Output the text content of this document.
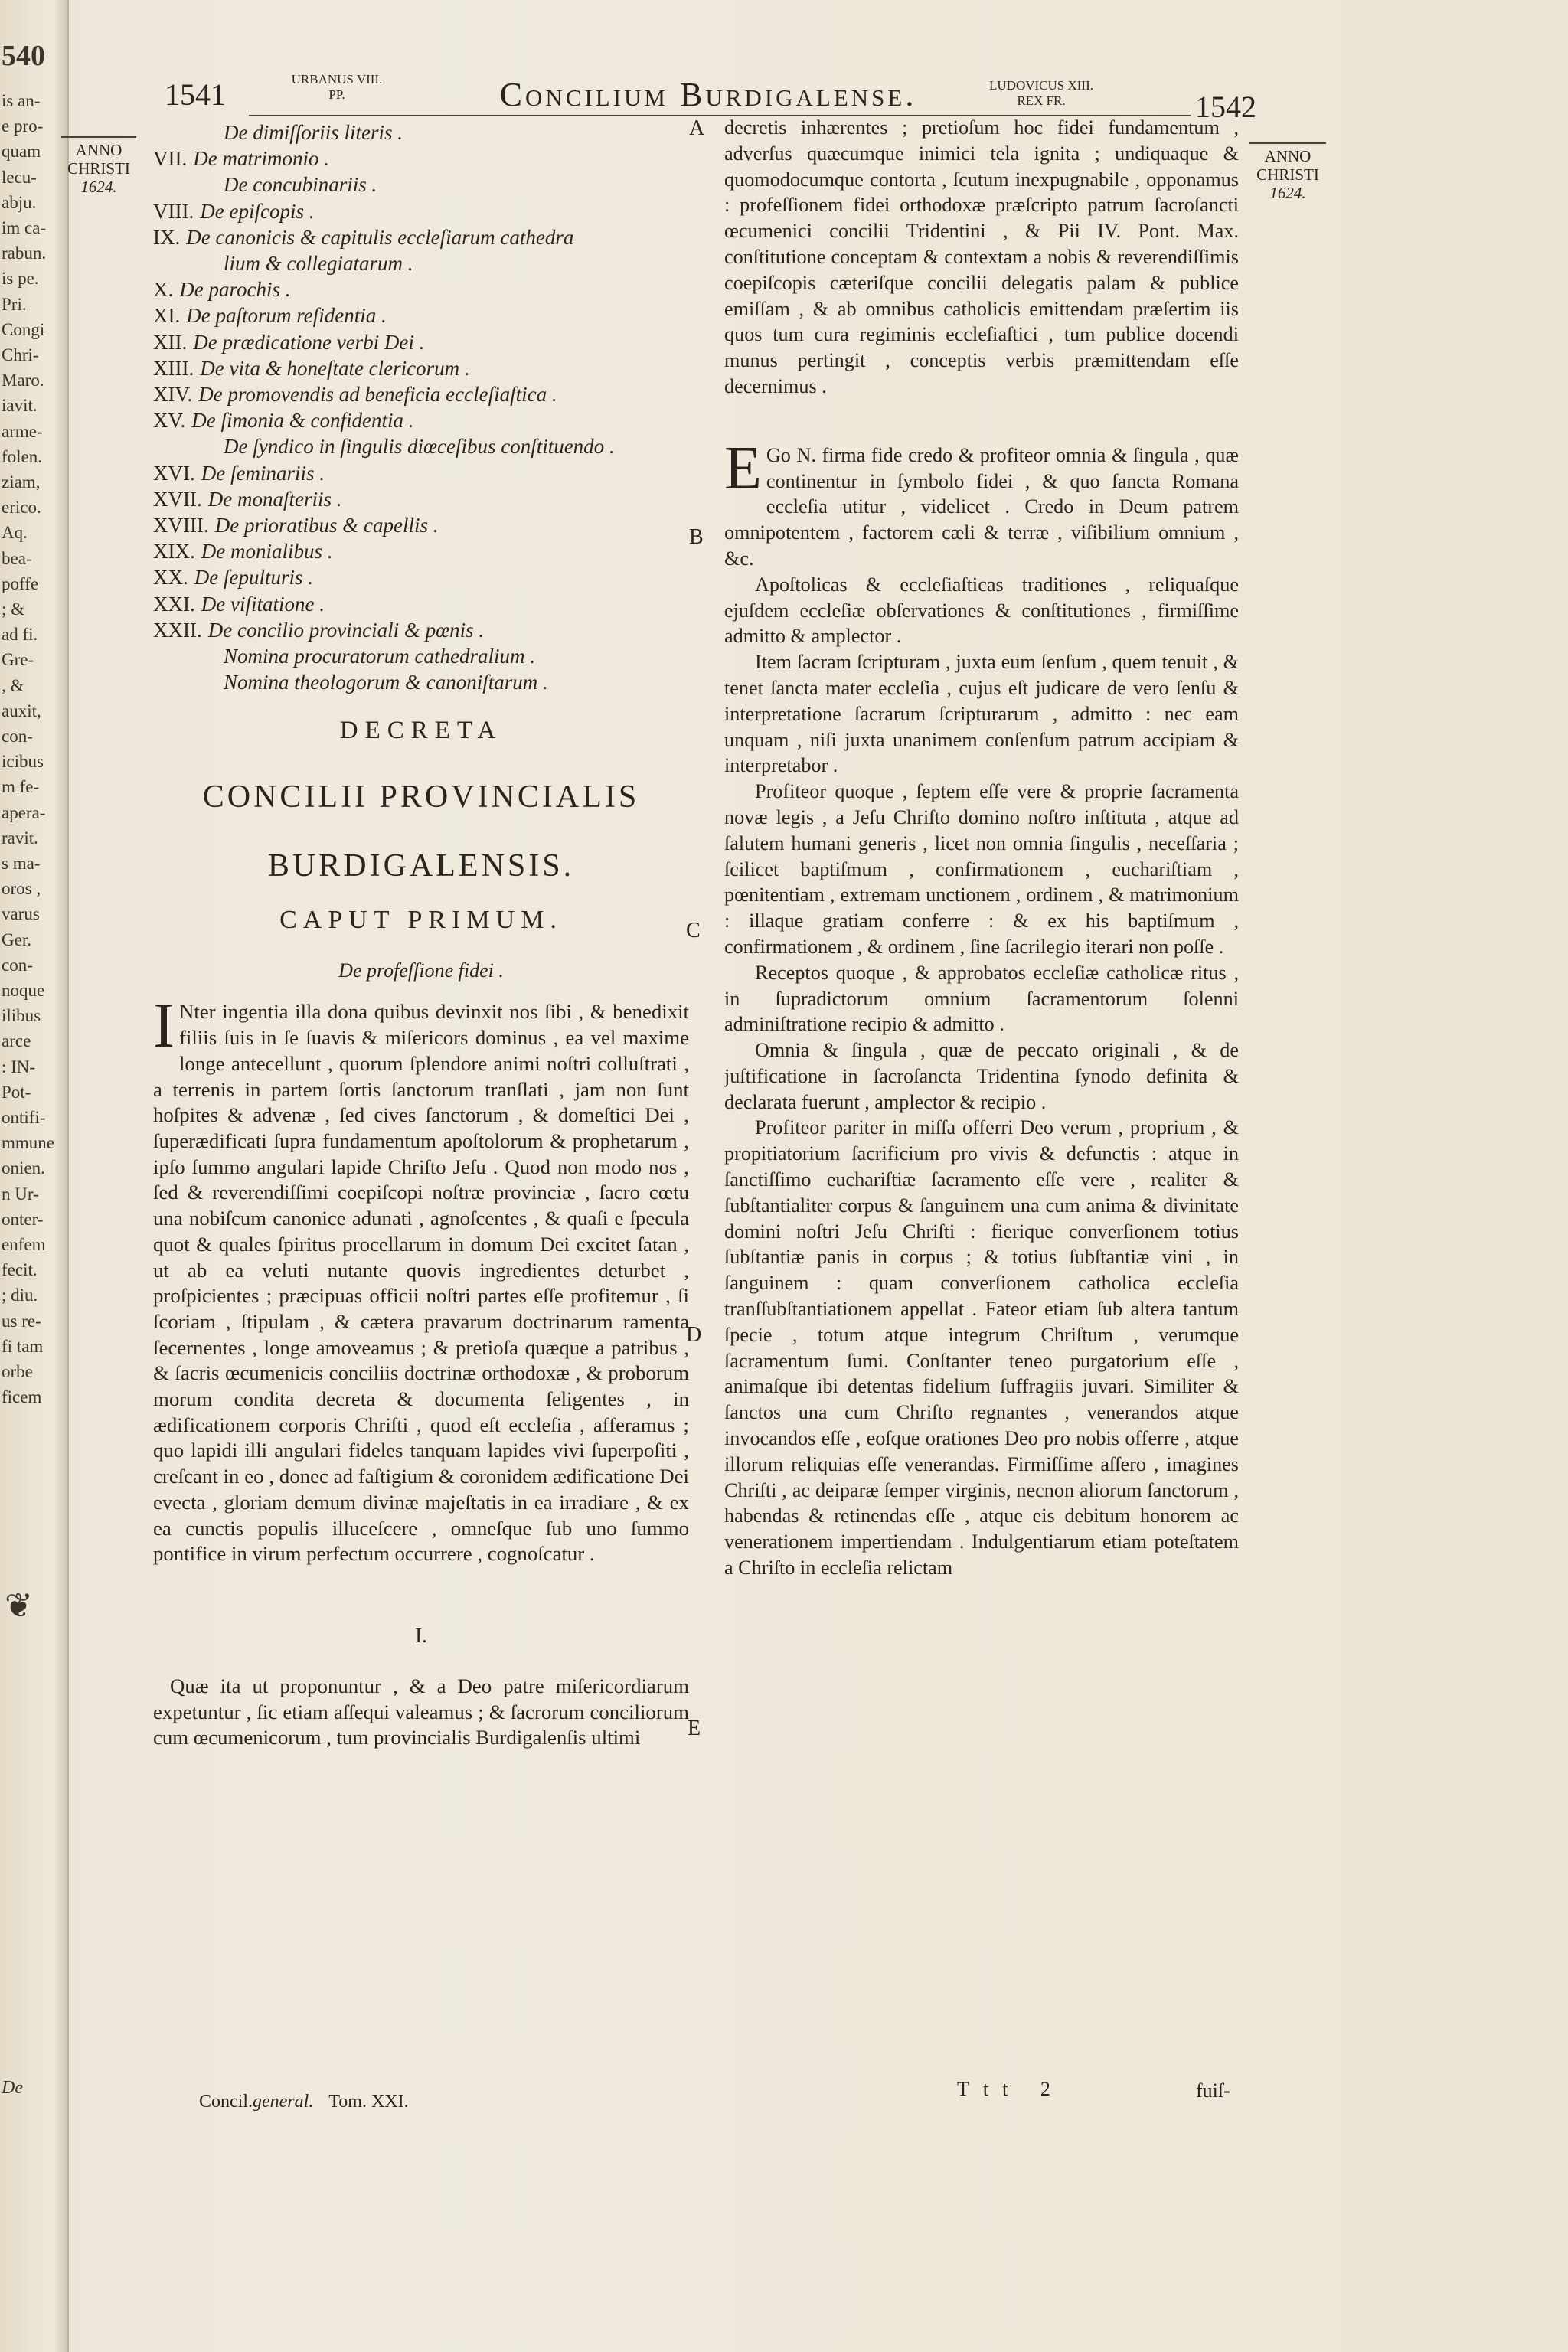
540
is an-
e pro-
quam
lecu-
abju.
im ca-
rabun.
is pe.
Pri.
Congi
Chri-
Maro.
iavit.
arme-
folen.
ziam,
erico.
Aq.
bea-
poffe
; &
ad fi.
Gre-
, &
auxit,
con-
icibus
m fe-
apera-
ravit.
s ma-
oros ,
varus
Ger.
con-
noque
ilibus
arce
: IN-
Pot-
ontifi-
mmune
onien.
n Ur-
onter-
enfem
fecit.
; diu.
us re-
fi tam
orbe
ficem
❦
De
1541	URBANUS VIII.
PP.	Concilium Burdigalense.	LUDOVICUS XIII.
REX FR.	1542
ANNO
CHRISTI
1624.
ANNO
CHRISTI
1624.
De dimiſſoriis literis .
VII. De matrimonio .
De concubinariis .
VIII. De epiſcopis .
IX. De canonicis & capitulis eccleſiarum cathedra
lium & collegiatarum .
X. De parochis .
XI. De paſtorum reſidentia .
XII. De prædicatione verbi Dei .
XIII. De vita & honeſtate clericorum .
XIV. De promovendis ad beneficia eccleſiaſtica .
XV. De ſimonia & confidentia .
De ſyndico in ſingulis diœceſibus conſtituendo .
XVI. De ſeminariis .
XVII. De monaſteriis .
XVIII. De prioratibus & capellis .
XIX. De monialibus .
XX. De ſepulturis .
XXI. De viſitatione .
XXII. De concilio provinciali & pœnis .
Nomina procuratorum cathedralium .
Nomina theologorum & canoniſtarum .
DECRETA
CONCILII PROVINCIALIS
BURDIGALENSIS.
CAPUT PRIMUM.
De profeſſione fidei .
I Nter ingentia illa dona quibus devinxit nos ſibi , & benedixit filiis ſuis in ſe ſuavis & miſericors dominus , ea vel maxime longe antecellunt , quorum ſplendore animi noſtri colluſtrati , a terrenis in partem ſortis ſanctorum tranſlati , jam non ſunt hoſpites & advenæ , ſed cives ſanctorum , & domeſtici Dei , ſuperædificati ſupra fundamentum apoſtolorum & prophetarum , ipſo ſummo angulari lapide Chriſto Jeſu . Quod non modo nos , ſed & reverendiſſimi coepiſcopi noſtræ provinciæ , ſacro cœtu una nobiſcum canonice adunati , agnoſcentes , & quaſi e ſpecula quot & quales ſpiritus procellarum in domum Dei excitet ſatan , ut ab ea veluti nutante quovis ingredientes deturbet , proſpicientes ; præcipuas officii noſtri partes eſſe profitemur , ſi ſcoriam , ſtipulam , & cætera pravarum doctrinarum ramenta ſecernentes , longe amoveamus ; & pretioſa quæque a patribus , & ſacris œcumenicis conciliis doctrinæ orthodoxæ , & proborum morum condita decreta & documenta ſeligentes , in ædificationem corporis Chriſti , quod eſt eccleſia , afferamus ; quo lapidi illi angulari fideles tanquam lapides vivi ſuperpoſiti , creſcant in eo , donec ad faſtigium & coronidem ædificatione Dei evecta , gloriam demum divinæ majeſtatis in ea irradiare , & ex ea cunctis populis illuceſcere , omneſque ſub uno ſummo pontifice in virum perfectum occurrere , cognoſcatur .
I.
Quæ ita ut proponuntur , & a Deo patre miſericordiarum expetuntur , ſic etiam aſſequi valeamus ; & ſacrorum conciliorum cum œcumenicorum , tum provincialis Burdigalenſis ultimi
A
B
C
D
E
decretis inhærentes ; pretioſum hoc fidei fundamentum , adverſus quæcumque inimici tela ignita ; undiquaque & quomodocumque contorta , ſcutum inexpugnabile , opponamus : profeſſionem fidei orthodoxæ præſcripto patrum ſacroſancti œcumenici concilii Tridentini , & Pii IV. Pont. Max. conſtitutione conceptam & contextam a nobis & reverendiſſimis coepiſcopis cæteriſque concilii delegatis palam & publice emiſſam , & ab omnibus catholicis emittendam præſertim iis quos tum cura regiminis eccleſiaſtici , tum publice docendi munus pertingit , conceptis verbis præmittendam eſſe decernimus .
E Go N. firma fide credo & profiteor omnia & ſingula , quæ continentur in ſymbolo fidei , & quo ſancta Romana eccleſia utitur , videlicet . Credo in Deum patrem omnipotentem , factorem cæli & terræ , viſibilium omnium , &c.
Apoſtolicas & eccleſiaſticas traditiones , reliquaſque ejuſdem eccleſiæ obſervationes & conſtitutiones , firmiſſime admitto & amplector .
Item ſacram ſcripturam , juxta eum ſenſum , quem tenuit , & tenet ſancta mater eccleſia , cujus eſt judicare de vero ſenſu & interpretatione ſacrarum ſcripturarum , admitto : nec eam unquam , niſi juxta unanimem conſenſum patrum accipiam & interpretabor .
Profiteor quoque , ſeptem eſſe vere & proprie ſacramenta novæ legis , a Jeſu Chriſto domino noſtro inſtituta , atque ad ſalutem humani generis , licet non omnia ſingulis , neceſſaria ; ſcilicet baptiſmum , confirmationem , euchariſtiam , pœnitentiam , extremam unctionem , ordinem , & matrimonium : illaque gratiam conferre : & ex his baptiſmum , confirmationem , & ordinem , ſine ſacrilegio iterari non poſſe .
Receptos quoque , & approbatos eccleſiæ catholicæ ritus , in ſupradictorum omnium ſacramentorum ſolenni adminiſtratione recipio & admitto .
Omnia & ſingula , quæ de peccato originali , & de juſtificatione in ſacroſancta Tridentina ſynodo definita & declarata fuerunt , amplector & recipio .
Profiteor pariter in miſſa offerri Deo verum , proprium , & propitiatorium ſacrificium pro vivis & defunctis : atque in ſanctiſſimo euchariſtiæ ſacramento eſſe vere , realiter & ſubſtantialiter corpus & ſanguinem una cum anima & divinitate domini noſtri Jeſu Chriſti : fierique converſionem totius ſubſtantiæ panis in corpus ; & totius ſubſtantiæ vini , in ſanguinem : quam converſionem catholica eccleſia tranſſubſtantiationem appellat . Fateor etiam ſub altera tantum ſpecie , totum atque integrum Chriſtum , verumque ſacramentum ſumi. Conſtanter teneo purgatorium eſſe , animaſque ibi detentas fidelium ſuffragiis juvari. Similiter & ſanctos una cum Chriſto regnantes , venerandos atque invocandos eſſe , eoſque orationes Deo pro nobis offerre , atque illorum reliquias eſſe venerandas. Firmiſſime aſſero , imagines Chriſti , ac deiparæ ſemper virginis, necnon aliorum ſanctorum , habendas & retinendas eſſe , atque eis debitum honorem ac venerationem impertiendam . Indulgentiarum etiam poteſtatem a Chriſto in eccleſia relictam
Concil.general. Tom. XXI.
Ttt 2	fuiſ-
